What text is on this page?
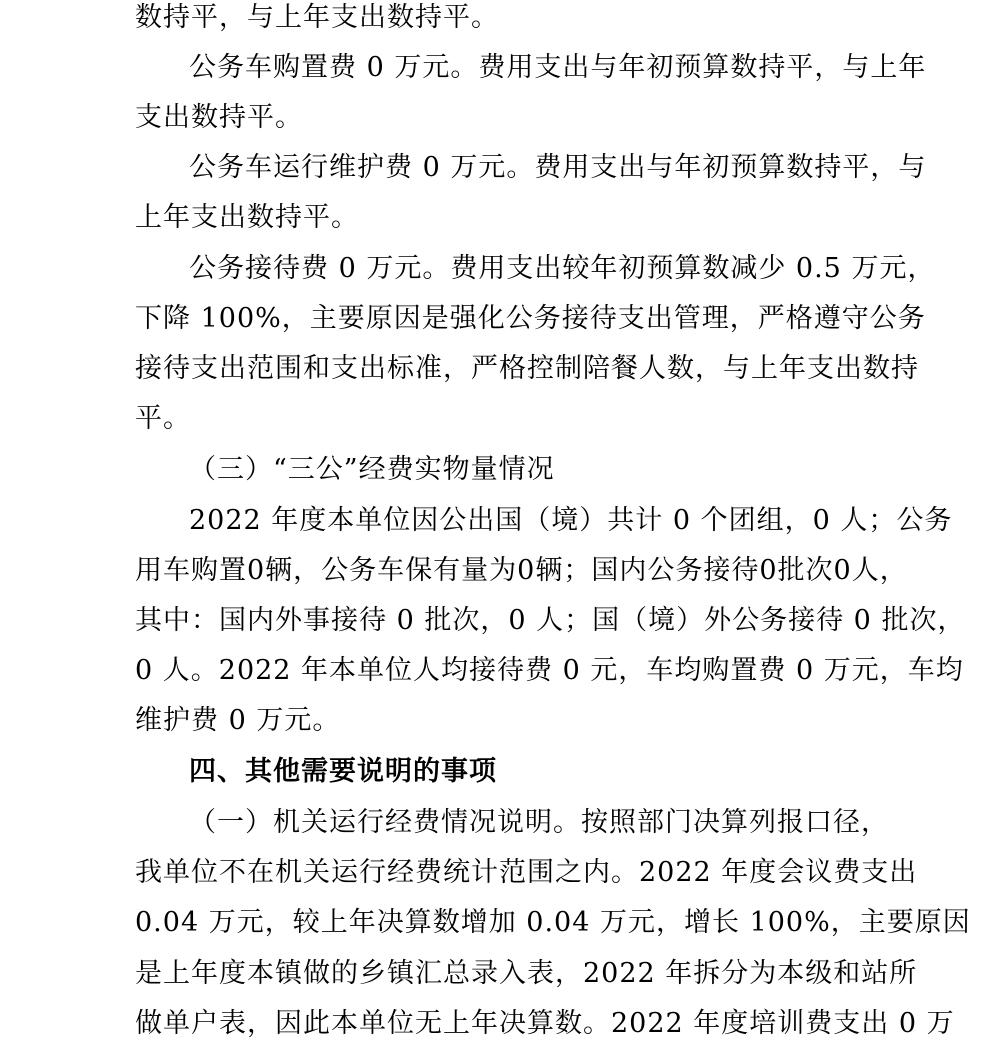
数持平，与上年支出数持平。
公务车购置费 0 万元。费用支出与年初预算数持平，与上年
支出数持平。
公务车运行维护费 0 万元。费用支出与年初预算数持平，与
上年支出数持平。
公务接待费 0 万元。费用支出较年初预算数减少 0.5 万元，
下降 100%，主要原因是强化公务接待支出管理，严格遵守公务
接待支出范围和支出标准，严格控制陪餐人数，与上年支出数持
平。
（三）“三公”经费实物量情况
2022 年度本单位因公出国（境）共计 0 个团组，0 人；公务
用车购置0辆，公务车保有量为0辆；国内公务接待0批次0人，
其中：国内外事接待 0 批次，0 人；国（境）外公务接待 0 批次，
0 人。2022 年本单位人均接待费 0 元，车均购置费 0 万元，车均
维护费 0 万元。
四、其他需要说明的事项
（一）机关运行经费情况说明。按照部门决算列报口径，
我单位不在机关运行经费统计范围之内。2022 年度会议费支出
0.04 万元，较上年决算数增加 0.04 万元，增长 100%，主要原因
是上年度本镇做的乡镇汇总录入表，2022 年拆分为本级和站所
做单户表，因此本单位无上年决算数。2022 年度培训费支出 0 万
